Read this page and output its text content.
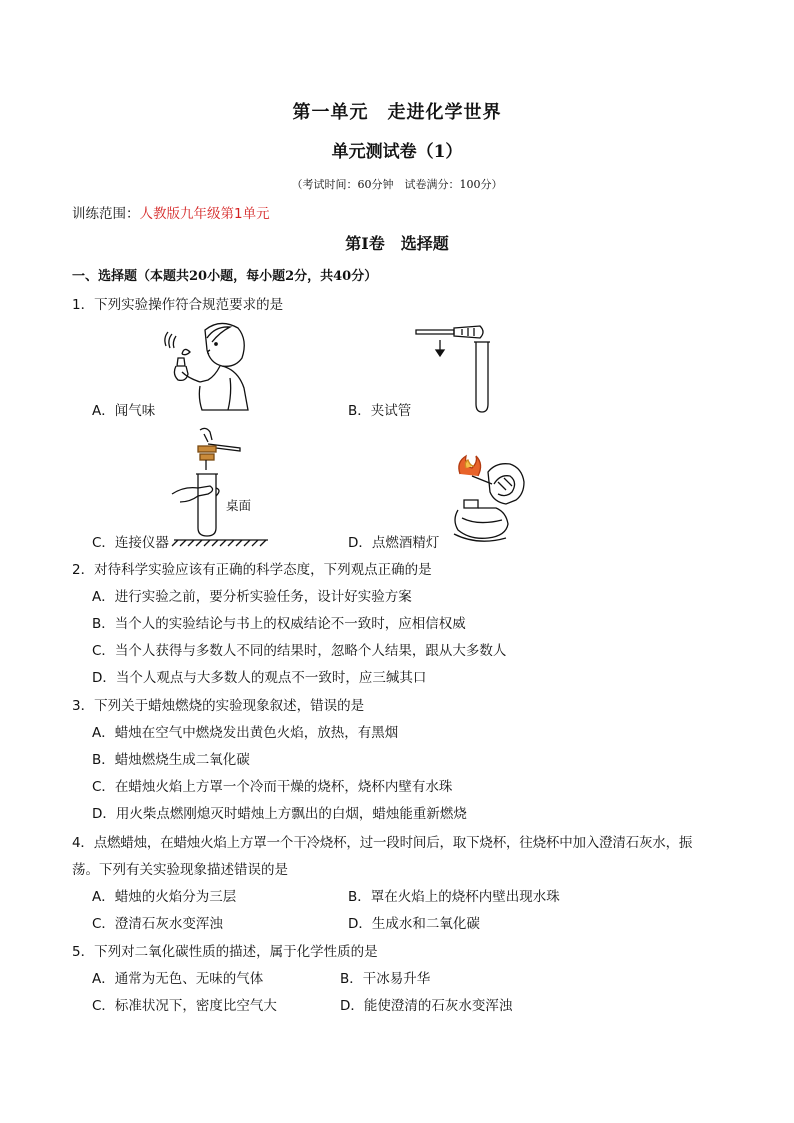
第一单元　走进化学世界
单元测试卷（1）
（考试时间：60分钟　试卷满分：100分）
训练范围：人教版九年级第1单元
第Ⅰ卷　选择题
一、选择题（本题共20小题，每小题2分，共40分）
1．下列实验操作符合规范要求的是
A．闻气味	B．夹试管
桌面
C．连接仪器	D．点燃酒精灯
2．对待科学实验应该有正确的科学态度，下列观点正确的是
A．进行实验之前，要分析实验任务，设计好实验方案
B．当个人的实验结论与书上的权威结论不一致时，应相信权威
C．当个人获得与多数人不同的结果时，忽略个人结果，跟从大多数人
D．当个人观点与大多数人的观点不一致时，应三缄其口
3．下列关于蜡烛燃烧的实验现象叙述，错误的是
A．蜡烛在空气中燃烧发出黄色火焰，放热，有黑烟
B．蜡烛燃烧生成二氧化碳
C．在蜡烛火焰上方罩一个冷而干燥的烧杯，烧杯内壁有水珠
D．用火柴点燃刚熄灭时蜡烛上方飘出的白烟，蜡烛能重新燃烧
4．点燃蜡烛，在蜡烛火焰上方罩一个干冷烧杯，过一段时间后，取下烧杯，往烧杯中加入澄清石灰水，振
荡。下列有关实验现象描述错误的是
A．蜡烛的火焰分为三层	B．罩在火焰上的烧杯内壁出现水珠
C．澄清石灰水变浑浊	D．生成水和二氧化碳
5．下列对二氧化碳性质的描述，属于化学性质的是
A．通常为无色、无味的气体	B．干冰易升华
C．标准状况下，密度比空气大	D．能使澄清的石灰水变浑浊
